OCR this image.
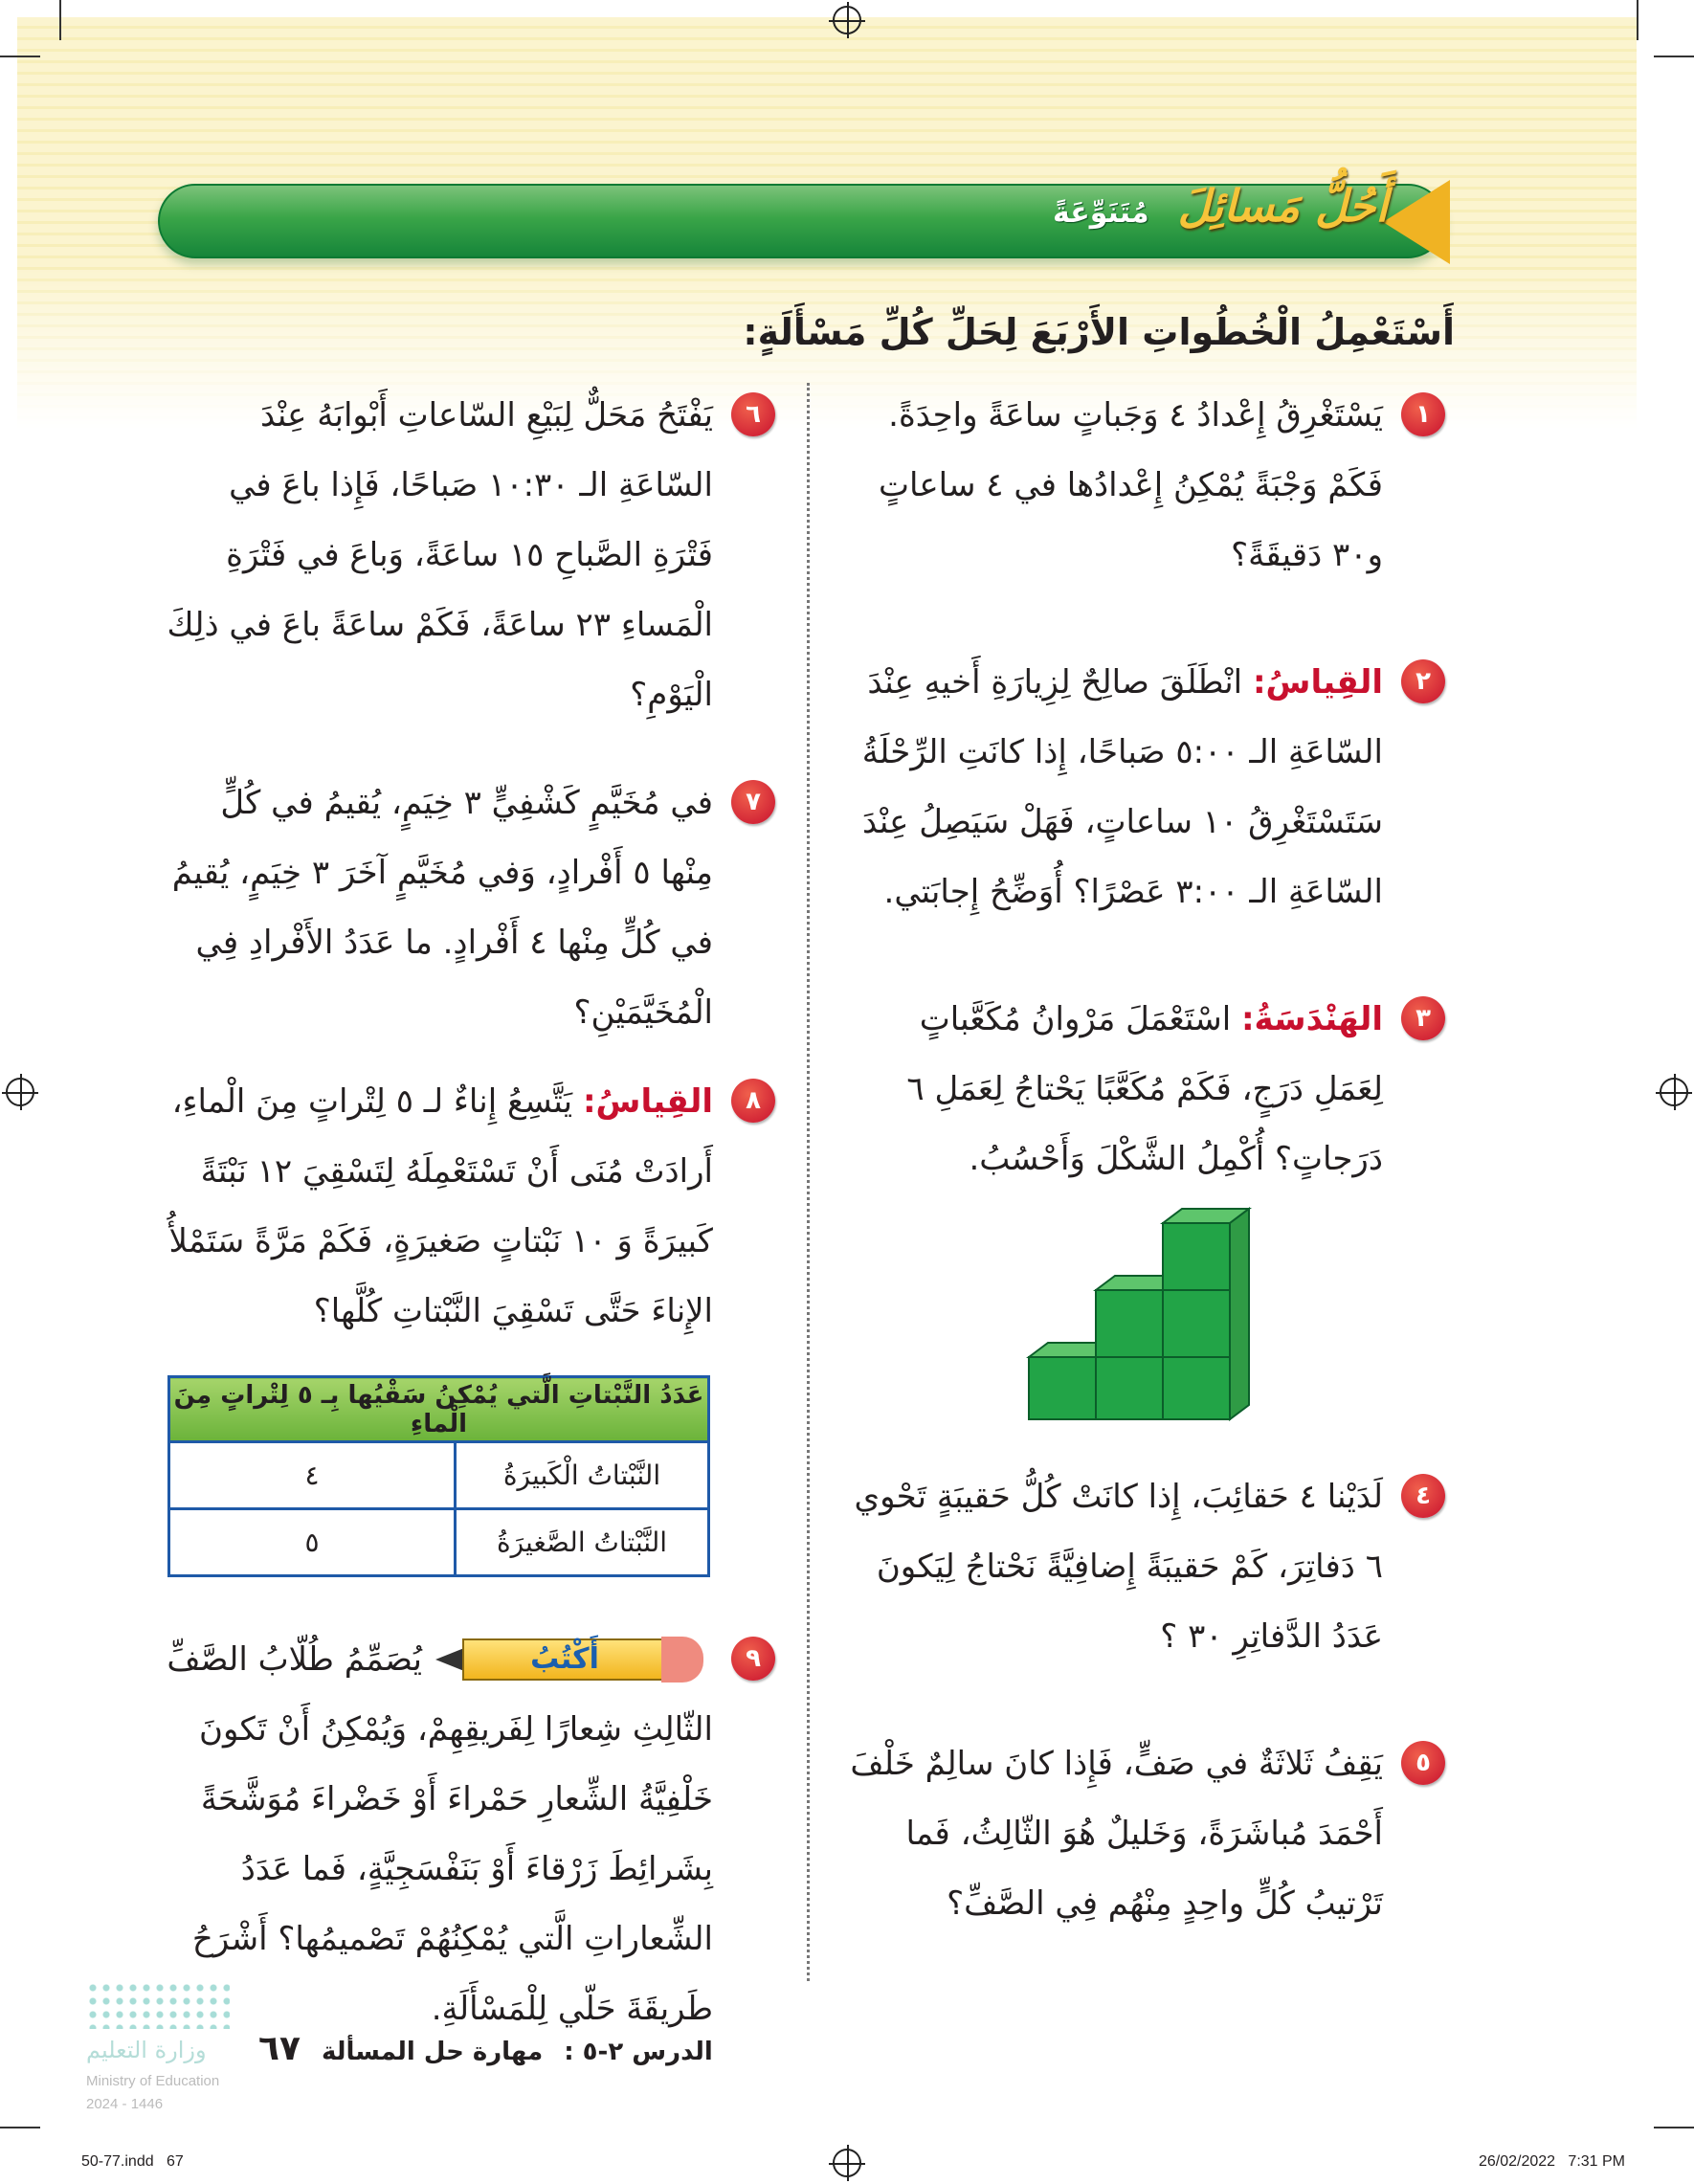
أَحُلُّ مَسائِلَ
مُتَنَوِّعَةً
أَسْتَعْمِلُ الْخُطُواتِ الأَرْبَعَ لِحَلِّ كُلِّ مَسْأَلَةٍ:
١
يَسْتَغْرِقُ إِعْدادُ ٤ وَجَباتٍ ساعَةً واحِدَةً. فَكَمْ وَجْبَةً يُمْكِنُ إِعْدادُها في ٤ ساعاتٍ و٣٠ دَقيقَةً؟
٢
القِياسُ: انْطَلَقَ صالِحٌ لِزِيارَةِ أَخيهِ عِنْدَ السّاعَةِ الـ ٥:٠٠ صَباحًا، إِذا كانَتِ الرِّحْلَةُ سَتَسْتَغْرِقُ ١٠ ساعاتٍ، فَهَلْ سَيَصِلُ عِنْدَ السّاعَةِ الـ ٣:٠٠ عَصْرًا؟ أُوَضِّحُ إِجابَتي.
٣
الهَنْدَسَةُ: اسْتَعْمَلَ مَرْوانُ مُكَعَّباتٍ لِعَمَلِ دَرَجٍ، فَكَمْ مُكَعَّبًا يَحْتاجُ لِعَمَلِ ٦ دَرَجاتٍ؟ أُكْمِلُ الشَّكْلَ وَأَحْسُبُ.
٤
لَدَيْنا ٤ حَقائِبَ، إِذا كانَتْ كُلُّ حَقيبَةٍ تَحْوي ٦ دَفاتِرَ، كَمْ حَقيبَةً إِضافِيَّةً نَحْتاجُ لِيَكونَ عَدَدُ الدَّفاتِرِ ٣٠ ؟
٥
يَقِفُ ثَلاثَةٌ في صَفٍّ، فَإِذا كانَ سالِمٌ خَلْفَ أَحْمَدَ مُباشَرَةً، وَخَليلٌ هُوَ الثّالِثُ، فَما تَرْتيبُ كُلٍّ واحِدٍ مِنْهُم فِي الصَّفِّ؟
٦
يَفْتَحُ مَحَلٌّ لِبَيْعِ السّاعاتِ أَبْوابَهُ عِنْدَ السّاعَةِ الـ ١٠:٣٠ صَباحًا، فَإِذا باعَ في فَتْرَةِ الصَّباحِ ١٥ ساعَةً، وَباعَ في فَتْرَةِ الْمَساءِ ٢٣ ساعَةً، فَكَمْ ساعَةً باعَ في ذلِكَ الْيَوْمِ؟
٧
في مُخَيَّمٍ كَشْفِيٍّ ٣ خِيَمٍ، يُقيمُ في كُلٍّ مِنْها ٥ أَفْرادٍ، وَفي مُخَيَّمٍ آخَرَ ٣ خِيَمٍ، يُقيمُ في كُلٍّ مِنْها ٤ أَفْرادٍ. ما عَدَدُ الأَفْرادِ فِي الْمُخَيَّمَيْنِ؟
٨
القِياسُ: يَتَّسِعُ إِناءٌ لـ ٥ لِتْراتٍ مِنَ الْماءِ، أَرادَتْ مُنَى أَنْ تَسْتَعْمِلَهُ لِتَسْقِيَ ١٢ نَبْتَةً كَبيرَةً وَ ١٠ نَبْتاتٍ صَغيرَةٍ، فَكَمْ مَرَّةً سَتَمْلأُ الإِناءَ حَتَّى تَسْقِيَ النَّبْتاتِ كُلَّها؟
عَدَدُ النَّبْتاتِ الَّتي يُمْكِنُ سَقْيُها بِـ ٥ لِتْراتٍ مِنَ الْماءِ	
النَّبْتاتُ الْكَبيرَةُ	٤
النَّبْتاتُ الصَّغيرَةُ	٥
٩
أَكْتُبُ
يُصَمِّمُ طُلّابُ الصَّفِّ الثّالِثِ شِعارًا لِفَريقِهِمْ، وَيُمْكِنُ أَنْ تَكونَ خَلْفِيَّةُ الشِّعارِ حَمْراءَ أَوْ خَضْراءَ مُوَشَّحَةً بِشَرائِطَ زَرْقاءَ أَوْ بَنَفْسَجِيَّةٍ، فَما عَدَدُ الشِّعاراتِ الَّتي يُمْكِنُهُمْ تَصْميمُها؟ أَشْرَحُ طَريقَةَ حَلّي لِلْمَسْأَلَةِ.
وزارة التعليم
Ministry of Education
2024 - 1446
الدرس ٢-٥ :
مهارة حل المسألة
٦٧
50-77.indd   67	26/02/2022   7:31 PM
